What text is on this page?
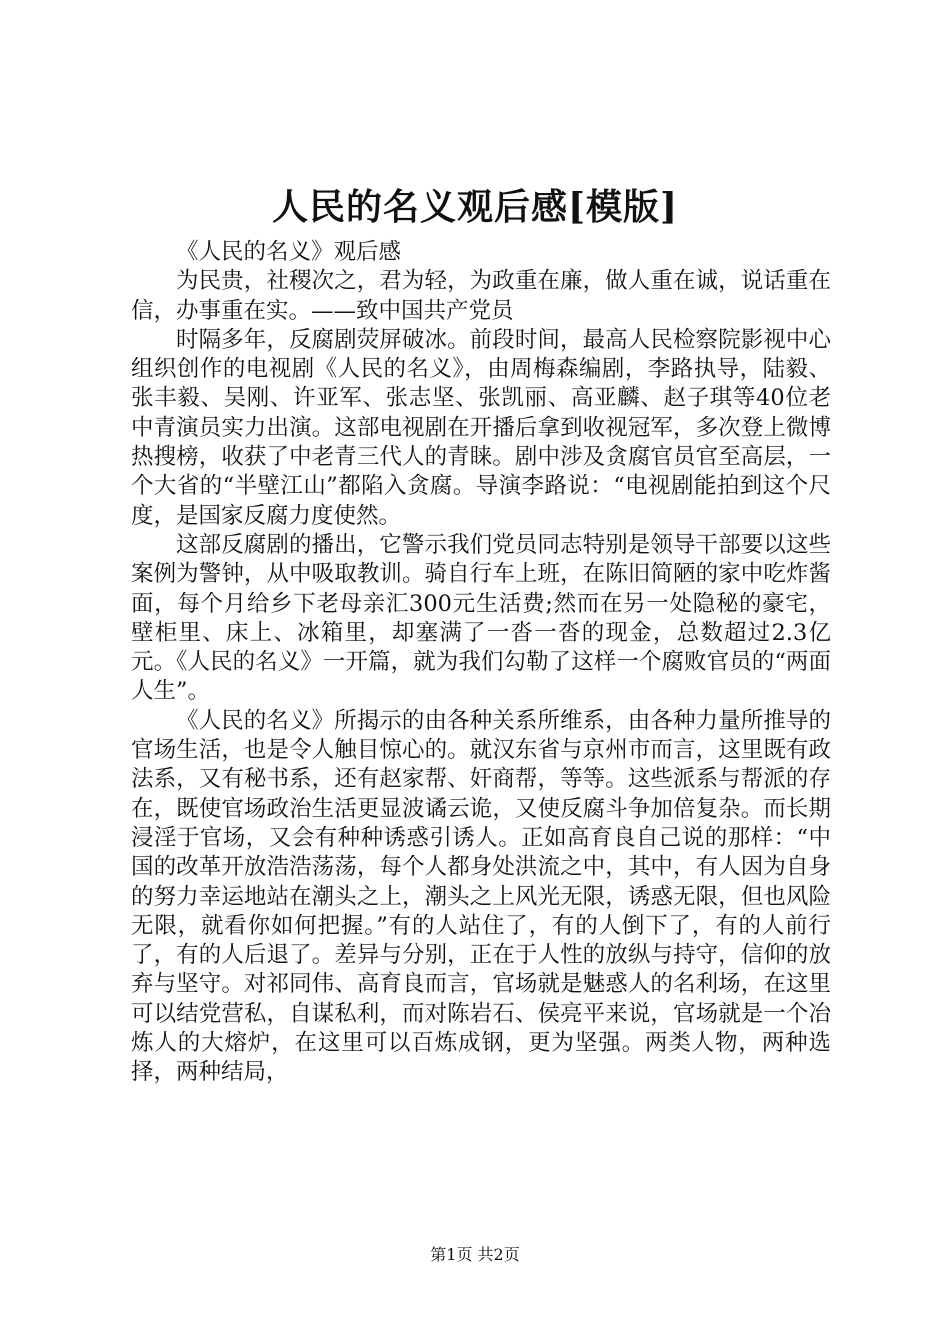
人民的名义观后感[模版]

《人民的名义》观后感

为民贵，社稷次之，君为轻，为政重在廉，做人重在诚，说话重在信，办事重在实。——致中国共产党员

时隔多年，反腐剧荧屏破冰。前段时间，最高人民检察院影视中心组织创作的电视剧《人民的名义》，由周梅森编剧，李路执导，陆毅、张丰毅、吴刚、许亚军、张志坚、张凯丽、高亚麟、赵子琪等40位老中青演员实力出演。这部电视剧在开播后拿到收视冠军，多次登上微博热搜榜，收获了中老青三代人的青睐。剧中涉及贪腐官员官至高层，一个大省的“半壁江山”都陷入贪腐。导演李路说：“电视剧能拍到这个尺度，是国家反腐力度使然。

这部反腐剧的播出，它警示我们党员同志特别是领导干部要以这些案例为警钟，从中吸取教训。骑自行车上班，在陈旧简陋的家中吃炸酱面，每个月给乡下老母亲汇300元生活费;然而在另一处隐秘的豪宅，壁柜里、床上、冰箱里，却塞满了一沓一沓的现金，总数超过2.3亿元。《人民的名义》一开篇，就为我们勾勒了这样一个腐败官员的“两面人生”。

《人民的名义》所揭示的由各种关系所维系，由各种力量所推导的官场生活，也是令人触目惊心的。就汉东省与京州市而言，这里既有政法系，又有秘书系，还有赵家帮、奸商帮，等等。这些派系与帮派的存在，既使官场政治生活更显波谲云诡，又使反腐斗争加倍复杂。而长期浸淫于官场，又会有种种诱惑引诱人。正如高育良自己说的那样：“中国的改革开放浩浩荡荡，每个人都身处洪流之中，其中，有人因为自身的努力幸运地站在潮头之上，潮头之上风光无限，诱惑无限，但也风险无限，就看你如何把握。”有的人站住了，有的人倒下了，有的人前行了，有的人后退了。差异与分别，正在于人性的放纵与持守，信仰的放弃与坚守。对祁同伟、高育良而言，官场就是魅惑人的名利场，在这里可以结党营私，自谋私利，而对陈岩石、侯亮平来说，官场就是一个冶炼人的大熔炉，在这里可以百炼成钢，更为坚强。两类人物，两种选择，两种结局，

第1页 共2页
